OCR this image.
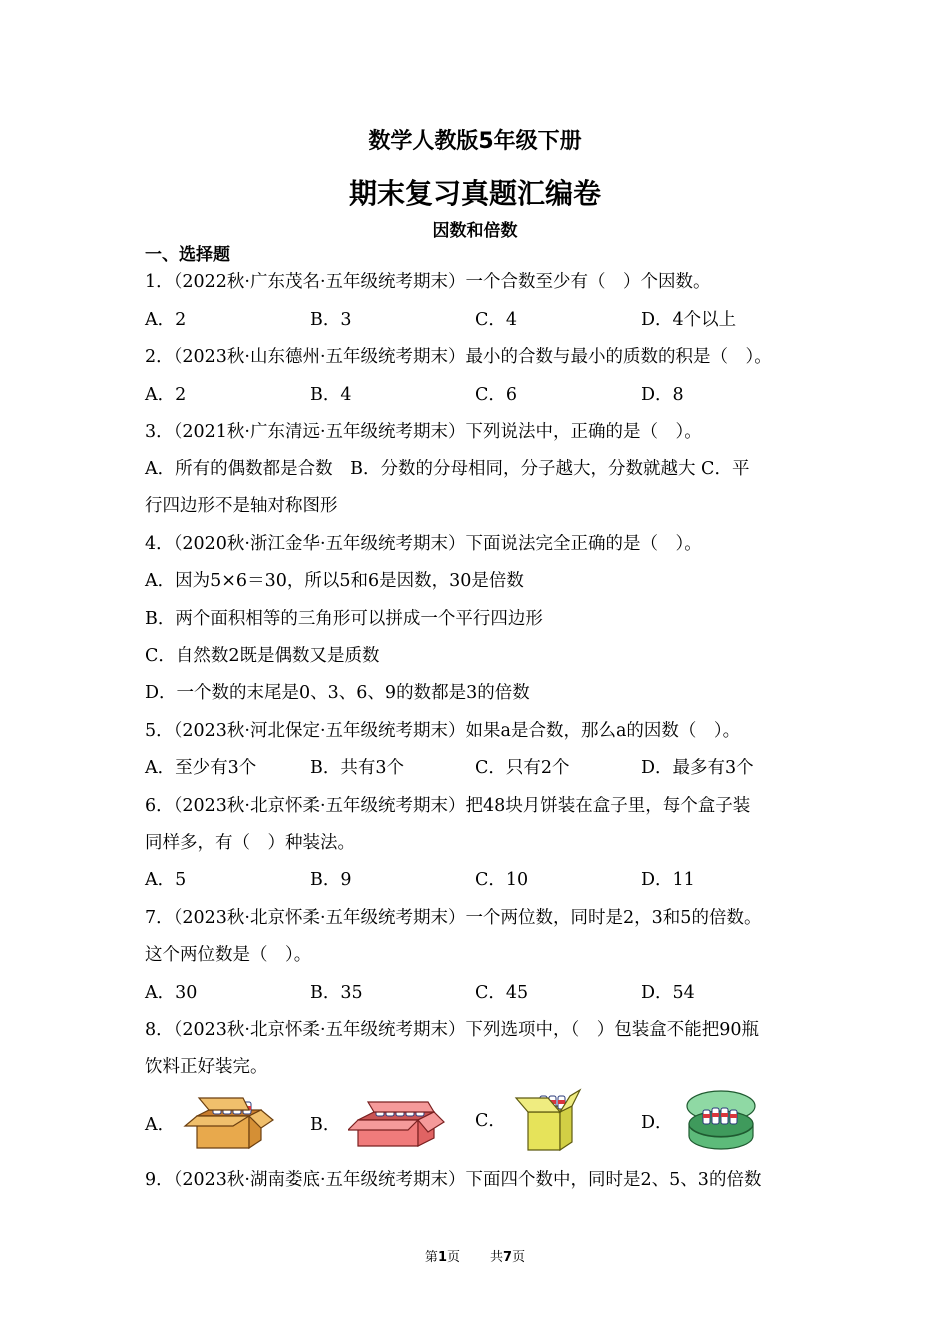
数学人教版5年级下册
期末复习真题汇编卷
因数和倍数
一、选择题
1．（2022秋·广东茂名·五年级统考期末）一个合数至少有（　）个因数。
A．2	B．3	C．4	D．4个以上
2．（2023秋·山东德州·五年级统考期末）最小的合数与最小的质数的积是（　）。
A．2	B．4	C．6	D．8
3．（2021秋·广东清远·五年级统考期末）下列说法中，正确的是（　）。
A．所有的偶数都是合数　B．分数的分母相同，分子越大，分数就越大 C．平
行四边形不是轴对称图形
4．（2020秋·浙江金华·五年级统考期末）下面说法完全正确的是（　）。
A．因为5×6＝30，所以5和6是因数，30是倍数
B．两个面积相等的三角形可以拼成一个平行四边形
C．自然数2既是偶数又是质数
D．一个数的末尾是0、3、6、9的数都是3的倍数
5．（2023秋·河北保定·五年级统考期末）如果a是合数，那么a的因数（　）。
A．至少有3个	B．共有3个	C．只有2个	D．最多有3个
6．（2023秋·北京怀柔·五年级统考期末）把48块月饼装在盒子里，每个盒子装
同样多，有（　）种装法。
A．5	B．9	C．10	D．11
7．（2023秋·北京怀柔·五年级统考期末）一个两位数，同时是2，3和5的倍数。
这个两位数是（　）。
A．30	B．35	C．45	D．54
8．（2023秋·北京怀柔·五年级统考期末）下列选项中，（　）包装盒不能把90瓶
饮料正好装完。
A．	B．	C．	D．
9．（2023秋·湖南娄底·五年级统考期末）下面四个数中，同时是2、5、3的倍数
第1页 共7页
